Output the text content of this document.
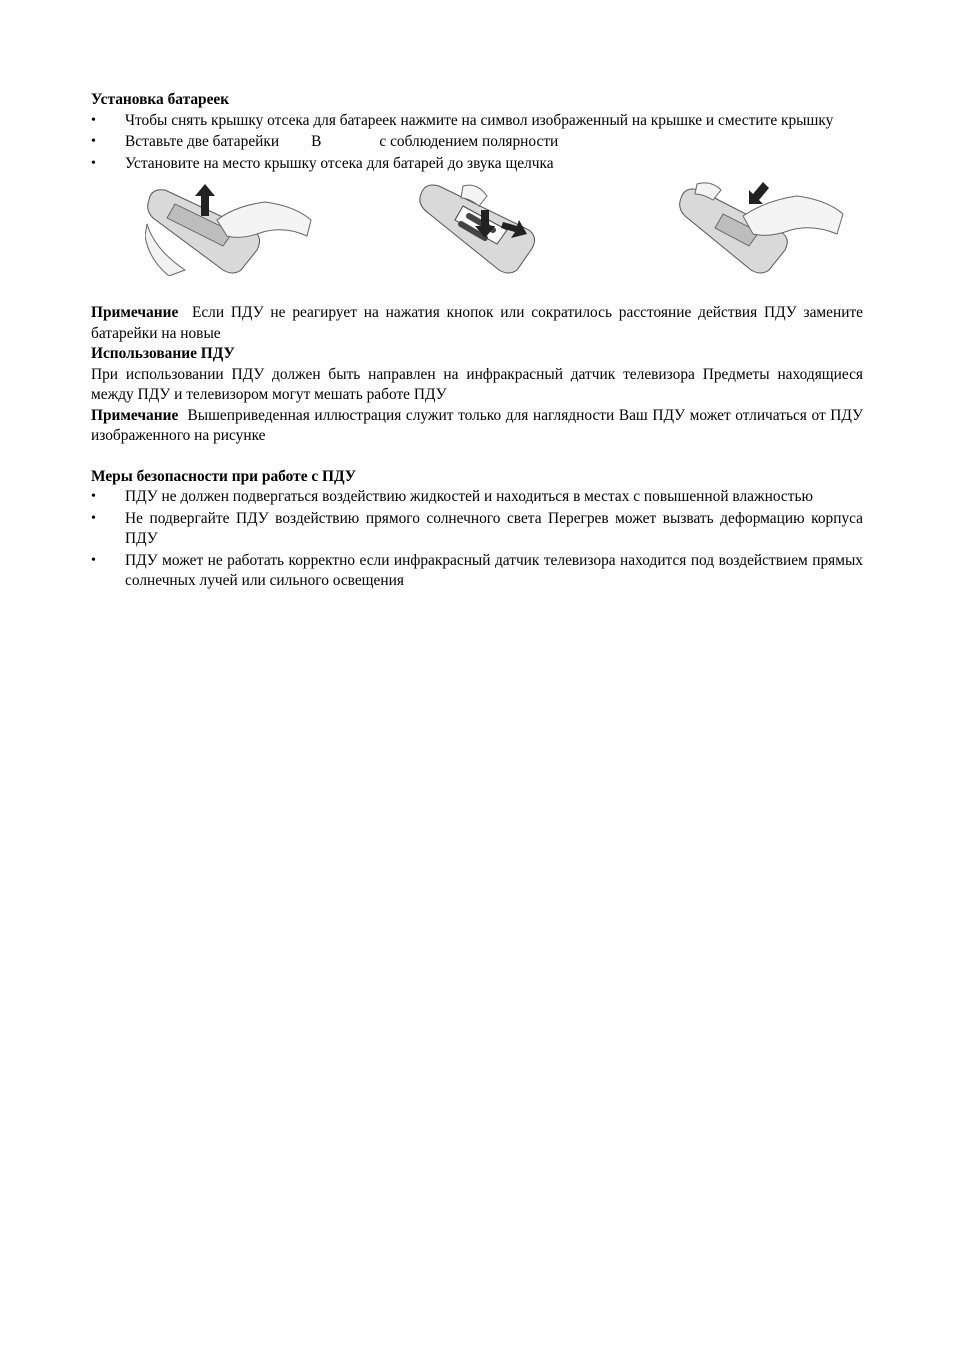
Установка батареек

• Чтобы снять крышку отсека для батареек нажмите на символ изображенный на крышке и сместите крышку
• Вставьте две батарейки В	с соблюдением полярности
• Установите на место крышку отсека для батарей до звука щелчка

Примечание Если ПДУ не реагирует на нажатия кнопок или сократилось расстояние действия ПДУ замените батарейки на новые

Использование ПДУ

При использовании ПДУ должен быть направлен на инфракрасный датчик телевизора Предметы находящиеся между ПДУ и телевизором могут мешать работе ПДУ

Примечание Вышеприведенная иллюстрация служит только для наглядности Ваш ПДУ может отличаться от ПДУ изображенного на рисунке

Меры безопасности при работе с ПДУ

• ПДУ не должен подвергаться воздействию жидкостей и находиться в местах с повышенной влажностью
• Не подвергайте ПДУ воздействию прямого солнечного света Перегрев может вызвать деформацию корпуса ПДУ
• ПДУ может не работать корректно если инфракрасный датчик телевизора находится под воздействием прямых солнечных лучей или сильного освещения
